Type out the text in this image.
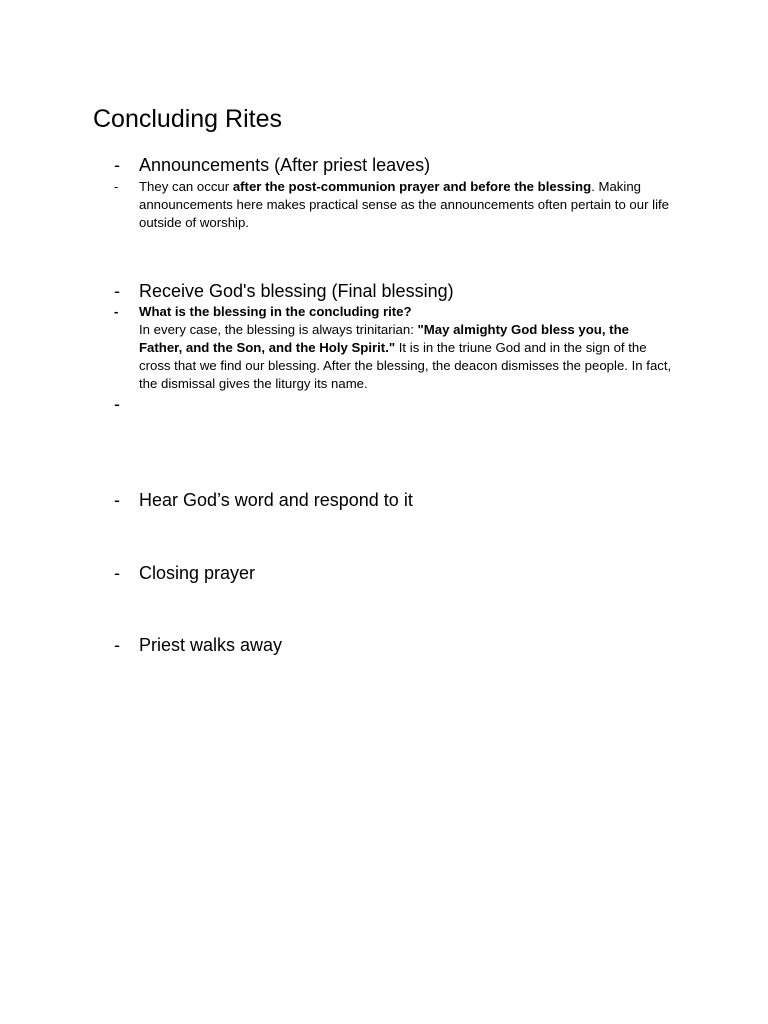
Concluding Rites
- Announcements (After priest leaves)
- They can occur after the post-communion prayer and before the blessing. Making announcements here makes practical sense as the announcements often pertain to our life outside of worship.
- Receive God's blessing (Final blessing)
- What is the blessing in the concluding rite?
In every case, the blessing is always trinitarian: "May almighty God bless you, the Father, and the Son, and the Holy Spirit." It is in the triune God and in the sign of the cross that we find our blessing. After the blessing, the deacon dismisses the people. In fact, the dismissal gives the liturgy its name.
-
- Hear God’s word and respond to it
- Closing prayer
- Priest walks away
